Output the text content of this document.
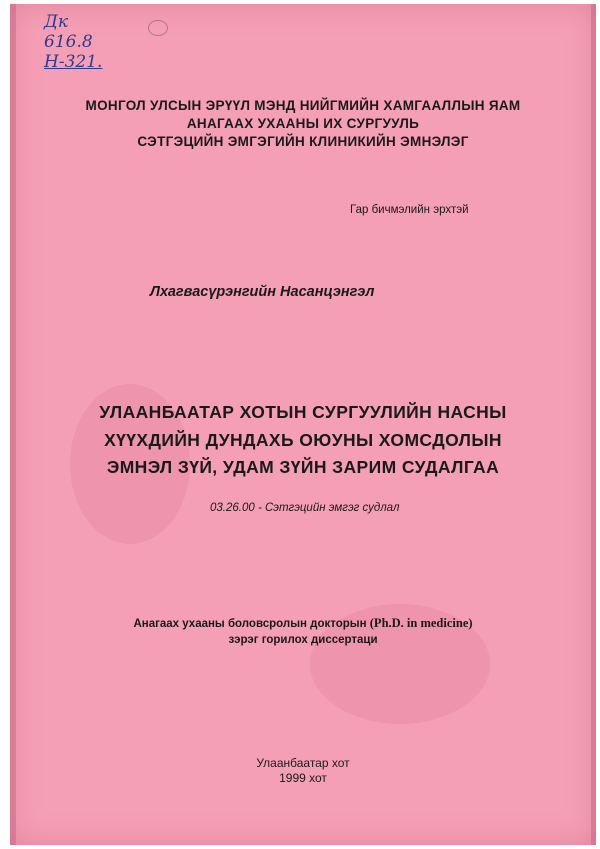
Дк
616.8
Н-321.
МОНГОЛ УЛСЫН ЭРҮҮЛ МЭНД НИЙГМИЙН ХАМГААЛЛЫН ЯАМ
АНАГААХ УХААНЫ ИХ СУРГУУЛЬ
СЭТГЭЦИЙН ЭМГЭГИЙН КЛИНИКИЙН ЭМНЭЛЭГ
Гар бичмэлийн эрхтэй
Лхагвасүрэнгийн Насанцэнгэл
УЛААНБААТАР ХОТЫН СУРГУУЛИЙН НАСНЫ
ХҮҮХДИЙН ДУНДАХЬ ОЮУНЫ ХОМСДОЛЫН
ЭМНЭЛ ЗҮЙ, УДАМ ЗҮЙН ЗАРИМ СУДАЛГАА
03.26.00 - Сэтгэцийн эмгэг судлал
Анагаах ухааны боловсролын докторын (Ph.D. in medicine)
зэрэг горилох диссертаци
Улаанбаатар хот
1999 хот
